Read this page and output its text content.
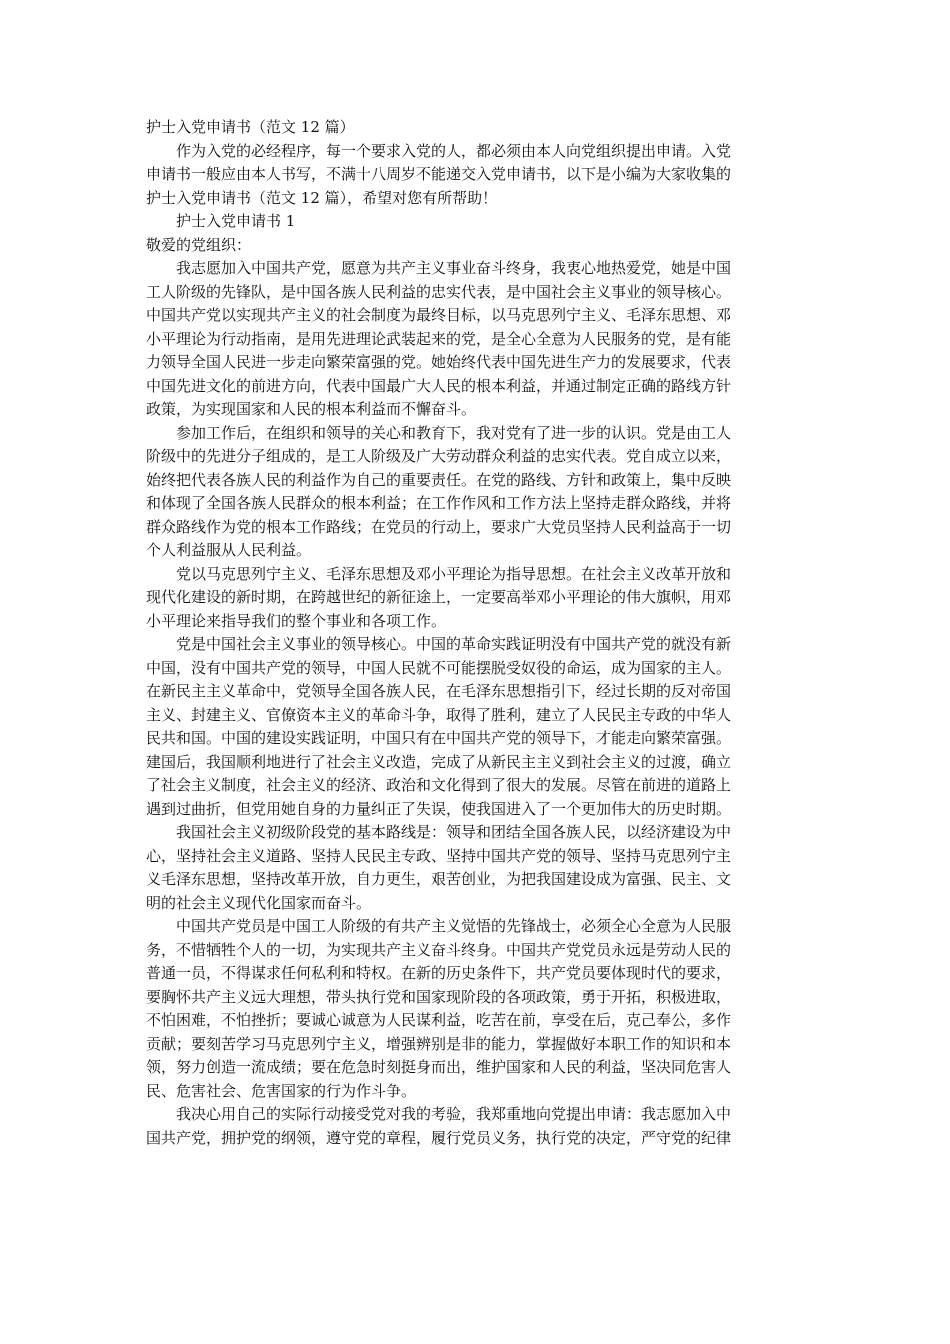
护士入党申请书（范文 12 篇）

作为入党的必经程序，每一个要求入党的人，都必须由本人向党组织提出申请。入党

申请书一般应由本人书写，不满十八周岁不能递交入党申请书，以下是小编为大家收集的

护士入党申请书（范文 12 篇），希望对您有所帮助！

护士入党申请书 1

敬爱的党组织：

我志愿加入中国共产党，愿意为共产主义事业奋斗终身，我衷心地热爱党，她是中国

工人阶级的先锋队，是中国各族人民利益的忠实代表，是中国社会主义事业的领导核心。

中国共产党以实现共产主义的社会制度为最终目标，以马克思列宁主义、毛泽东思想、邓

小平理论为行动指南，是用先进理论武装起来的党，是全心全意为人民服务的党，是有能

力领导全国人民进一步走向繁荣富强的党。她始终代表中国先进生产力的发展要求，代表

中国先进文化的前进方向，代表中国最广大人民的根本利益，并通过制定正确的路线方针

政策，为实现国家和人民的根本利益而不懈奋斗。

参加工作后，在组织和领导的关心和教育下，我对党有了进一步的认识。党是由工人

阶级中的先进分子组成的，是工人阶级及广大劳动群众利益的忠实代表。党自成立以来，

始终把代表各族人民的利益作为自己的重要责任。在党的路线、方针和政策上，集中反映

和体现了全国各族人民群众的根本利益；在工作作风和工作方法上坚持走群众路线，并将

群众路线作为党的根本工作路线；在党员的行动上，要求广大党员坚持人民利益高于一切

个人利益服从人民利益。

党以马克思列宁主义、毛泽东思想及邓小平理论为指导思想。在社会主义改革开放和

现代化建设的新时期，在跨越世纪的新征途上，一定要高举邓小平理论的伟大旗帜，用邓

小平理论来指导我们的整个事业和各项工作。

党是中国社会主义事业的领导核心。中国的革命实践证明没有中国共产党的就没有新

中国，没有中国共产党的领导，中国人民就不可能摆脱受奴役的命运，成为国家的主人。

在新民主主义革命中，党领导全国各族人民，在毛泽东思想指引下，经过长期的反对帝国

主义、封建主义、官僚资本主义的革命斗争，取得了胜利，建立了人民民主专政的中华人

民共和国。中国的建设实践证明，中国只有在中国共产党的领导下，才能走向繁荣富强。

建国后，我国顺利地进行了社会主义改造，完成了从新民主主义到社会主义的过渡，确立

了社会主义制度，社会主义的经济、政治和文化得到了很大的发展。尽管在前进的道路上

遇到过曲折，但党用她自身的力量纠正了失误，使我国进入了一个更加伟大的历史时期。

我国社会主义初级阶段党的基本路线是：领导和团结全国各族人民，以经济建设为中

心，坚持社会主义道路、坚持人民民主专政、坚持中国共产党的领导、坚持马克思列宁主

义毛泽东思想，坚持改革开放，自力更生，艰苦创业，为把我国建设成为富强、民主、文

明的社会主义现代化国家而奋斗。

中国共产党员是中国工人阶级的有共产主义觉悟的先锋战士，必须全心全意为人民服

务，不惜牺牲个人的一切，为实现共产主义奋斗终身。中国共产党党员永远是劳动人民的

普通一员，不得谋求任何私利和特权。在新的历史条件下，共产党员要体现时代的要求，

要胸怀共产主义远大理想，带头执行党和国家现阶段的各项政策，勇于开拓，积极进取，

不怕困难，不怕挫折；要诚心诚意为人民谋利益，吃苦在前，享受在后，克己奉公，多作

贡献；要刻苦学习马克思列宁主义，增强辨别是非的能力，掌握做好本职工作的知识和本

领，努力创造一流成绩；要在危急时刻挺身而出，维护国家和人民的利益，坚决同危害人

民、危害社会、危害国家的行为作斗争。

我决心用自己的实际行动接受党对我的考验，我郑重地向党提出申请：我志愿加入中

国共产党，拥护党的纲领，遵守党的章程，履行党员义务，执行党的决定，严守党的纪律
